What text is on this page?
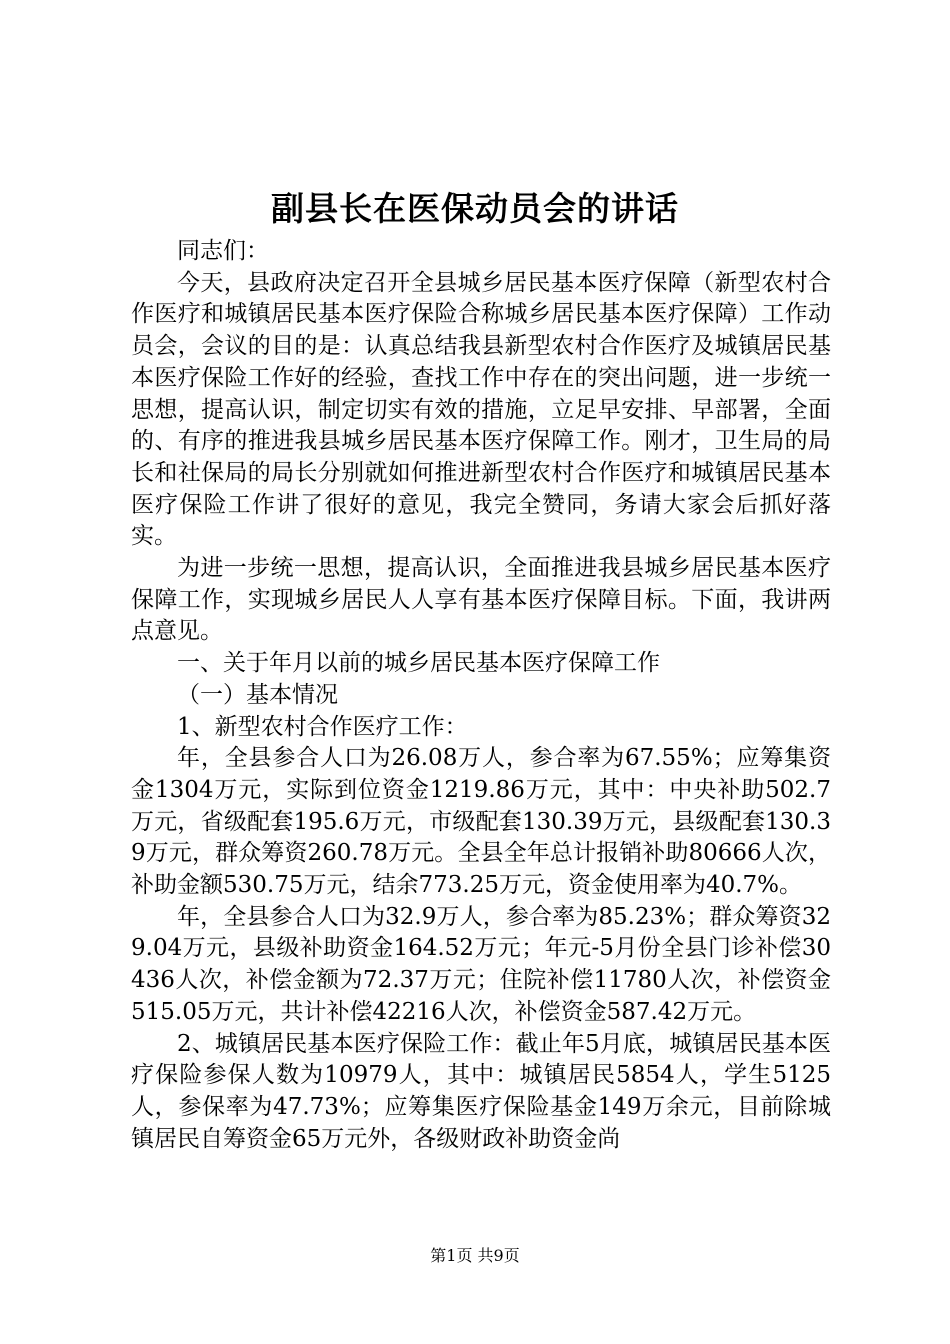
副县长在医保动员会的讲话

同志们：

今天，县政府决定召开全县城乡居民基本医疗保障（新型农村合作医疗和城镇居民基本医疗保险合称城乡居民基本医疗保障）工作动员会，会议的目的是：认真总结我县新型农村合作医疗及城镇居民基本医疗保险工作好的经验，查找工作中存在的突出问题，进一步统一思想，提高认识，制定切实有效的措施，立足早安排、早部署，全面的、有序的推进我县城乡居民基本医疗保障工作。刚才，卫生局的局长和社保局的局长分别就如何推进新型农村合作医疗和城镇居民基本医疗保险工作讲了很好的意见，我完全赞同，务请大家会后抓好落实。

为进一步统一思想，提高认识，全面推进我县城乡居民基本医疗保障工作，实现城乡居民人人享有基本医疗保障目标。下面，我讲两点意见。

一、关于年月以前的城乡居民基本医疗保障工作

（一）基本情况

1、新型农村合作医疗工作：

年，全县参合人口为26.08万人，参合率为67.55%；应筹集资金1304万元，实际到位资金1219.86万元，其中：中央补助502.7万元，省级配套195.6万元，市级配套130.39万元，县级配套130.39万元，群众筹资260.78万元。全县全年总计报销补助80666人次，补助金额530.75万元，结余773.25万元，资金使用率为40.7%。

年，全县参合人口为32.9万人，参合率为85.23%；群众筹资329.04万元，县级补助资金164.52万元；年元-5月份全县门诊补偿30436人次，补偿金额为72.37万元；住院补偿11780人次，补偿资金515.05万元，共计补偿42216人次，补偿资金587.42万元。

2、城镇居民基本医疗保险工作：截止年5月底，城镇居民基本医疗保险参保人数为10979人，其中：城镇居民5854人，学生5125人，参保率为47.73%；应筹集医疗保险基金149万余元，目前除城镇居民自筹资金65万元外，各级财政补助资金尚

第1页 共9页
